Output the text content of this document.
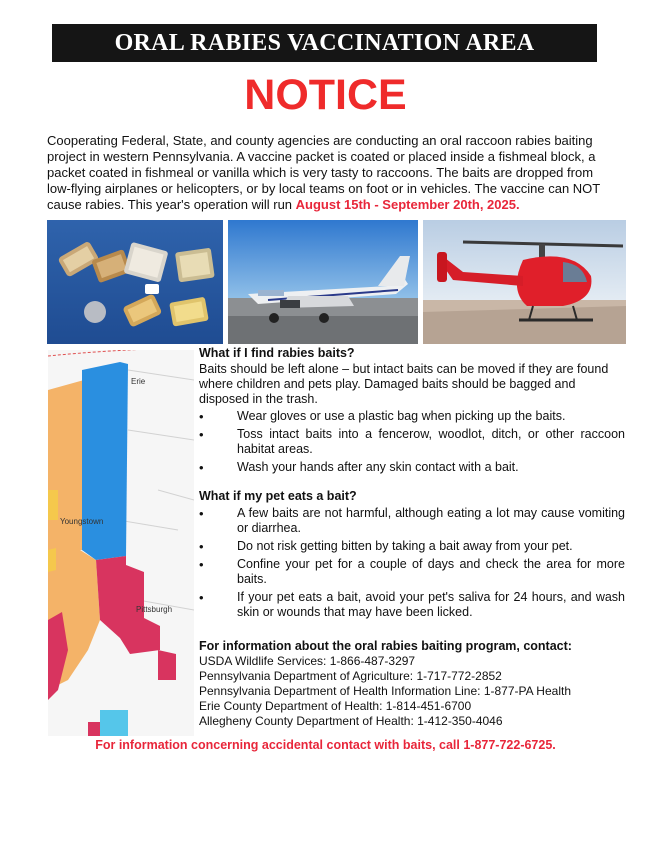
ORAL RABIES VACCINATION AREA
NOTICE
Cooperating Federal, State, and county agencies are conducting an oral raccoon rabies baiting project in western Pennsylvania. A vaccine packet is coated or placed inside a fishmeal block, a packet coated in fishmeal or vanilla which is very tasty to raccoons. The baits are dropped from low-flying airplanes or helicopters, or by local teams on foot or in vehicles. The vaccine can NOT cause rabies. This year's operation will run August 15th - September 20th, 2025.
Erie
Youngstown
Pittsburgh
What if I find rabies baits?

Baits should be left alone – but intact baits can be moved if they are found where children and pets play. Damaged baits should be bagged and disposed in the trash.

• Wear gloves or use a plastic bag when picking up the baits.
• Toss intact baits into a fencerow, woodlot, ditch, or other raccoon habitat areas.
• Wash your hands after any skin contact with a bait.
What if my pet eats a bait?
• A few baits are not harmful, although eating a lot may cause vomiting or diarrhea.
• Do not risk getting bitten by taking a bait away from your pet.
• Confine your pet for a couple of days and check the area for more baits.
• If your pet eats a bait, avoid your pet's saliva for 24 hours, and wash skin or wounds that may have been licked.
For information about the oral rabies baiting program, contact:
USDA Wildlife Services: 1-866-487-3297
Pennsylvania Department of Agriculture: 1-717-772-2852
Pennsylvania Department of Health Information Line: 1-877-PA Health
Erie County Department of Health: 1-814-451-6700
Allegheny County Department of Health: 1-412-350-4046
For information concerning accidental contact with baits, call 1-877-722-6725.
